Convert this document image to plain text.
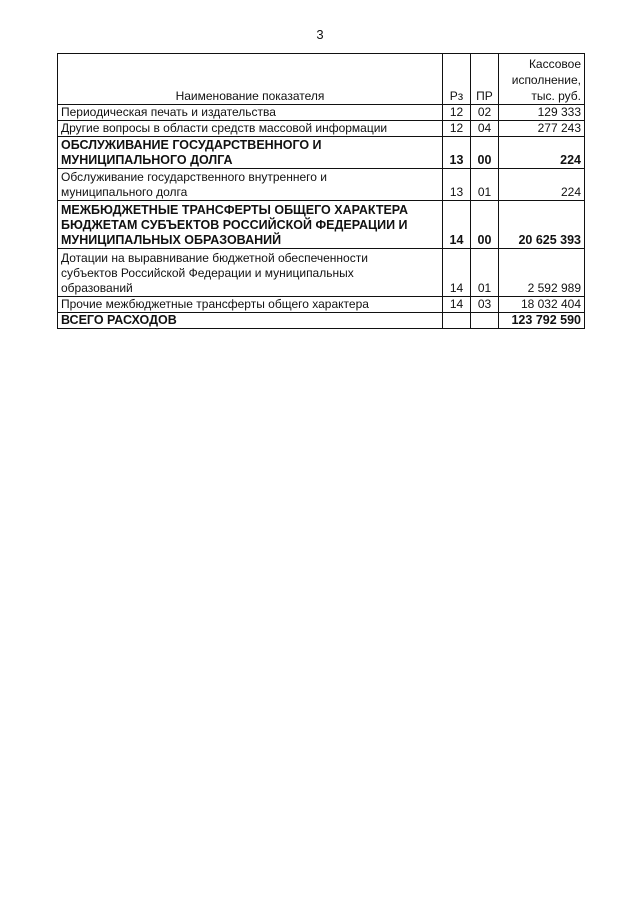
3
Наименование показателя	Рз	ПР	Кассовое
исполнение,
тыс. руб.

Периодическая печать и издательства	12	02	129 333

Другие вопросы в области средств массовой информации	12	04	277 243

ОБСЛУЖИВАНИЕ ГОСУДАРСТВЕННОГО И
МУНИЦИПАЛЬНОГО ДОЛГА	13	00	224

Обслуживание государственного внутреннего и
муниципального долга	13	01	224

МЕЖБЮДЖЕТНЫЕ ТРАНСФЕРТЫ ОБЩЕГО ХАРАКТЕРА
БЮДЖЕТАМ СУБЪЕКТОВ РОССИЙСКОЙ ФЕДЕРАЦИИ И
МУНИЦИПАЛЬНЫХ ОБРАЗОВАНИЙ	14	00	20 625 393

Дотации на выравнивание бюджетной обеспеченности
субъектов Российской Федерации и муниципальных
образований	14	01	2 592 989

Прочие межбюджетные трансферты общего характера	14	03	18 032 404

ВСЕГО РАСХОДОВ			123 792 590
